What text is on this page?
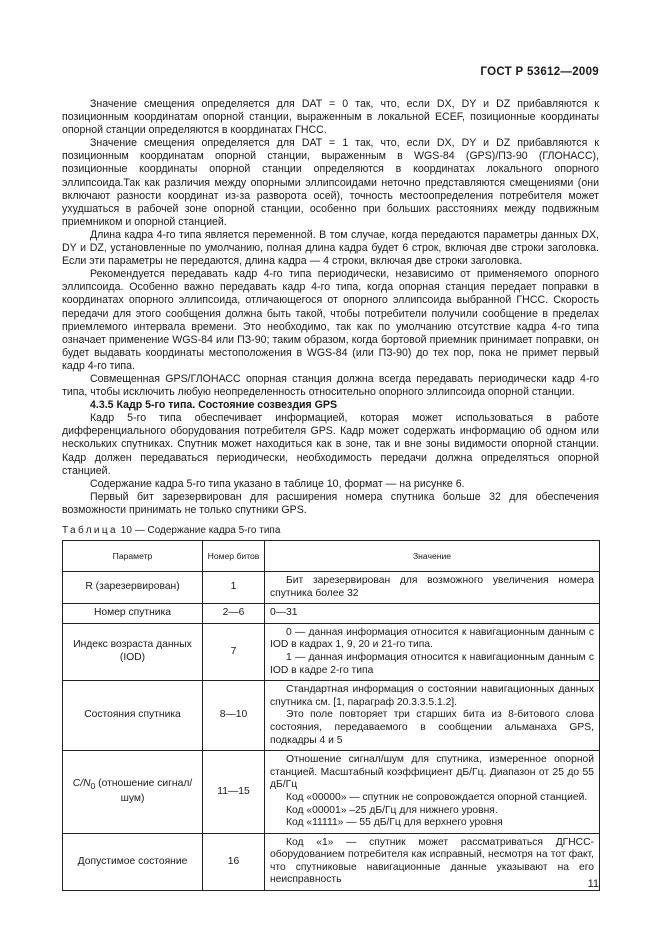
ГОСТ Р 53612—2009

Значение смещения определяется для DAT = 0 так, что, если DX, DY и DZ прибавляются к позиционным координатам опорной станции, выраженным в локальной ECEF, позиционные координаты опорной станции определяются в координатах ГНСС.

Значение смещения определяется для DAT = 1 так, что, если DX, DY и DZ прибавляются к позиционным координатам опорной станции, выраженным в WGS-84 (GPS)/ПЗ-90 (ГЛОНАСС), позиционные координаты опорной станции определяются в координатах локального опорного эллипсоида.Так как различия между опорными эллипсоидами неточно представляются смещениями (они включают разности координат из-за разворота осей), точность местоопределения потребителя может ухудшаться в рабочей зоне опорной станции, особенно при больших расстояниях между подвижным приемником и опорной станцией.

Длина кадра 4-го типа является переменной. В том случае, когда передаются параметры данных DX, DY и DZ, установленные по умолчанию, полная длина кадра будет 6 строк, включая две строки заголовка. Если эти параметры не передаются, длина кадра — 4 строки, включая две строки заголовка.

Рекомендуется передавать кадр 4-го типа периодически, независимо от применяемого опорного эллипсоида. Особенно важно передавать кадр 4-го типа, когда опорная станция передает поправки в координатах опорного эллипсоида, отличающегося от опорного эллипсоида выбранной ГНСС. Скорость передачи для этого сообщения должна быть такой, чтобы потребители получили сообщение в пределах приемлемого интервала времени. Это необходимо, так как по умолчанию отсутствие кадра 4-го типа означает применение WGS-84 или ПЗ-90; таким образом, когда бортовой приемник принимает поправки, он будет выдавать координаты местоположения в WGS-84 (или ПЗ-90) до тех пор, пока не примет первый кадр 4-го типа.

Совмещенная GPS/ГЛОНАСС опорная станция должна всегда передавать периодически кадр 4-го типа, чтобы исключить любую неопределенность относительно опорного эллипсоида опорной станции.

4.3.5 Кадр 5-го типа. Состояние созвездия GPS

Кадр 5-го типа обеспечивает информацией, которая может использоваться в работе дифференциального оборудования потребителя GPS. Кадр может содержать информацию об одном или нескольких спутниках. Спутник может находиться как в зоне, так и вне зоны видимости опорной станции. Кадр должен передаваться периодически, необходимость передачи должна определяться опорной станцией.

Содержание кадра 5-го типа указано в таблице 10, формат — на рисунке 6.

Первый бит зарезервирован для расширения номера спутника больше 32 для обеспечения возможности принимать не только спутники GPS.

Таблица 10 — Содержание кадра 5-го типа
Параметр	Номер битов	Значение
R (зарезервирован)	1	Бит зарезервирован для возможного увеличения номера спутника более 32

Номер спутника	2—6	0—31

Индекс возраста данных (IOD)	7	0 — данная информация относится к навигационным данным с IOD в кадрах 1, 9, 20 и 21-го типа.
1 — данная информация относится к навигационным данным с IOD в кадре 2-го типа

Состояния спутника	8—10	Стандартная информация о состоянии навигационных данных спутника см. [1, параграф 20.3.3.5.1.2].
Это поле повторяет три старших бита из 8-битового слова состояния, передаваемого в сообщении альманаха GPS, подкадры 4 и 5

$C/N_0$ (отношение сигнал/шум)	11—15	Отношение сигнал/шум для спутника, измеренное опорной станцией. Масштабный коэффициент дБ/Гц. Диапазон от 25 до 55 дБ/Гц
Код «00000» — спутник не сопровождается опорной станцией.
Код «00001» –25 дБ/Гц для нижнего уровня.
Код «11111» — 55 дБ/Гц для верхнего уровня

Допустимое состояние	16	Код «1» — спутник может рассматриваться ДГНСС-оборудованием потребителя как исправный, несмотря на тот факт, что спутниковые навигационные данные указывают на его неисправность	11
